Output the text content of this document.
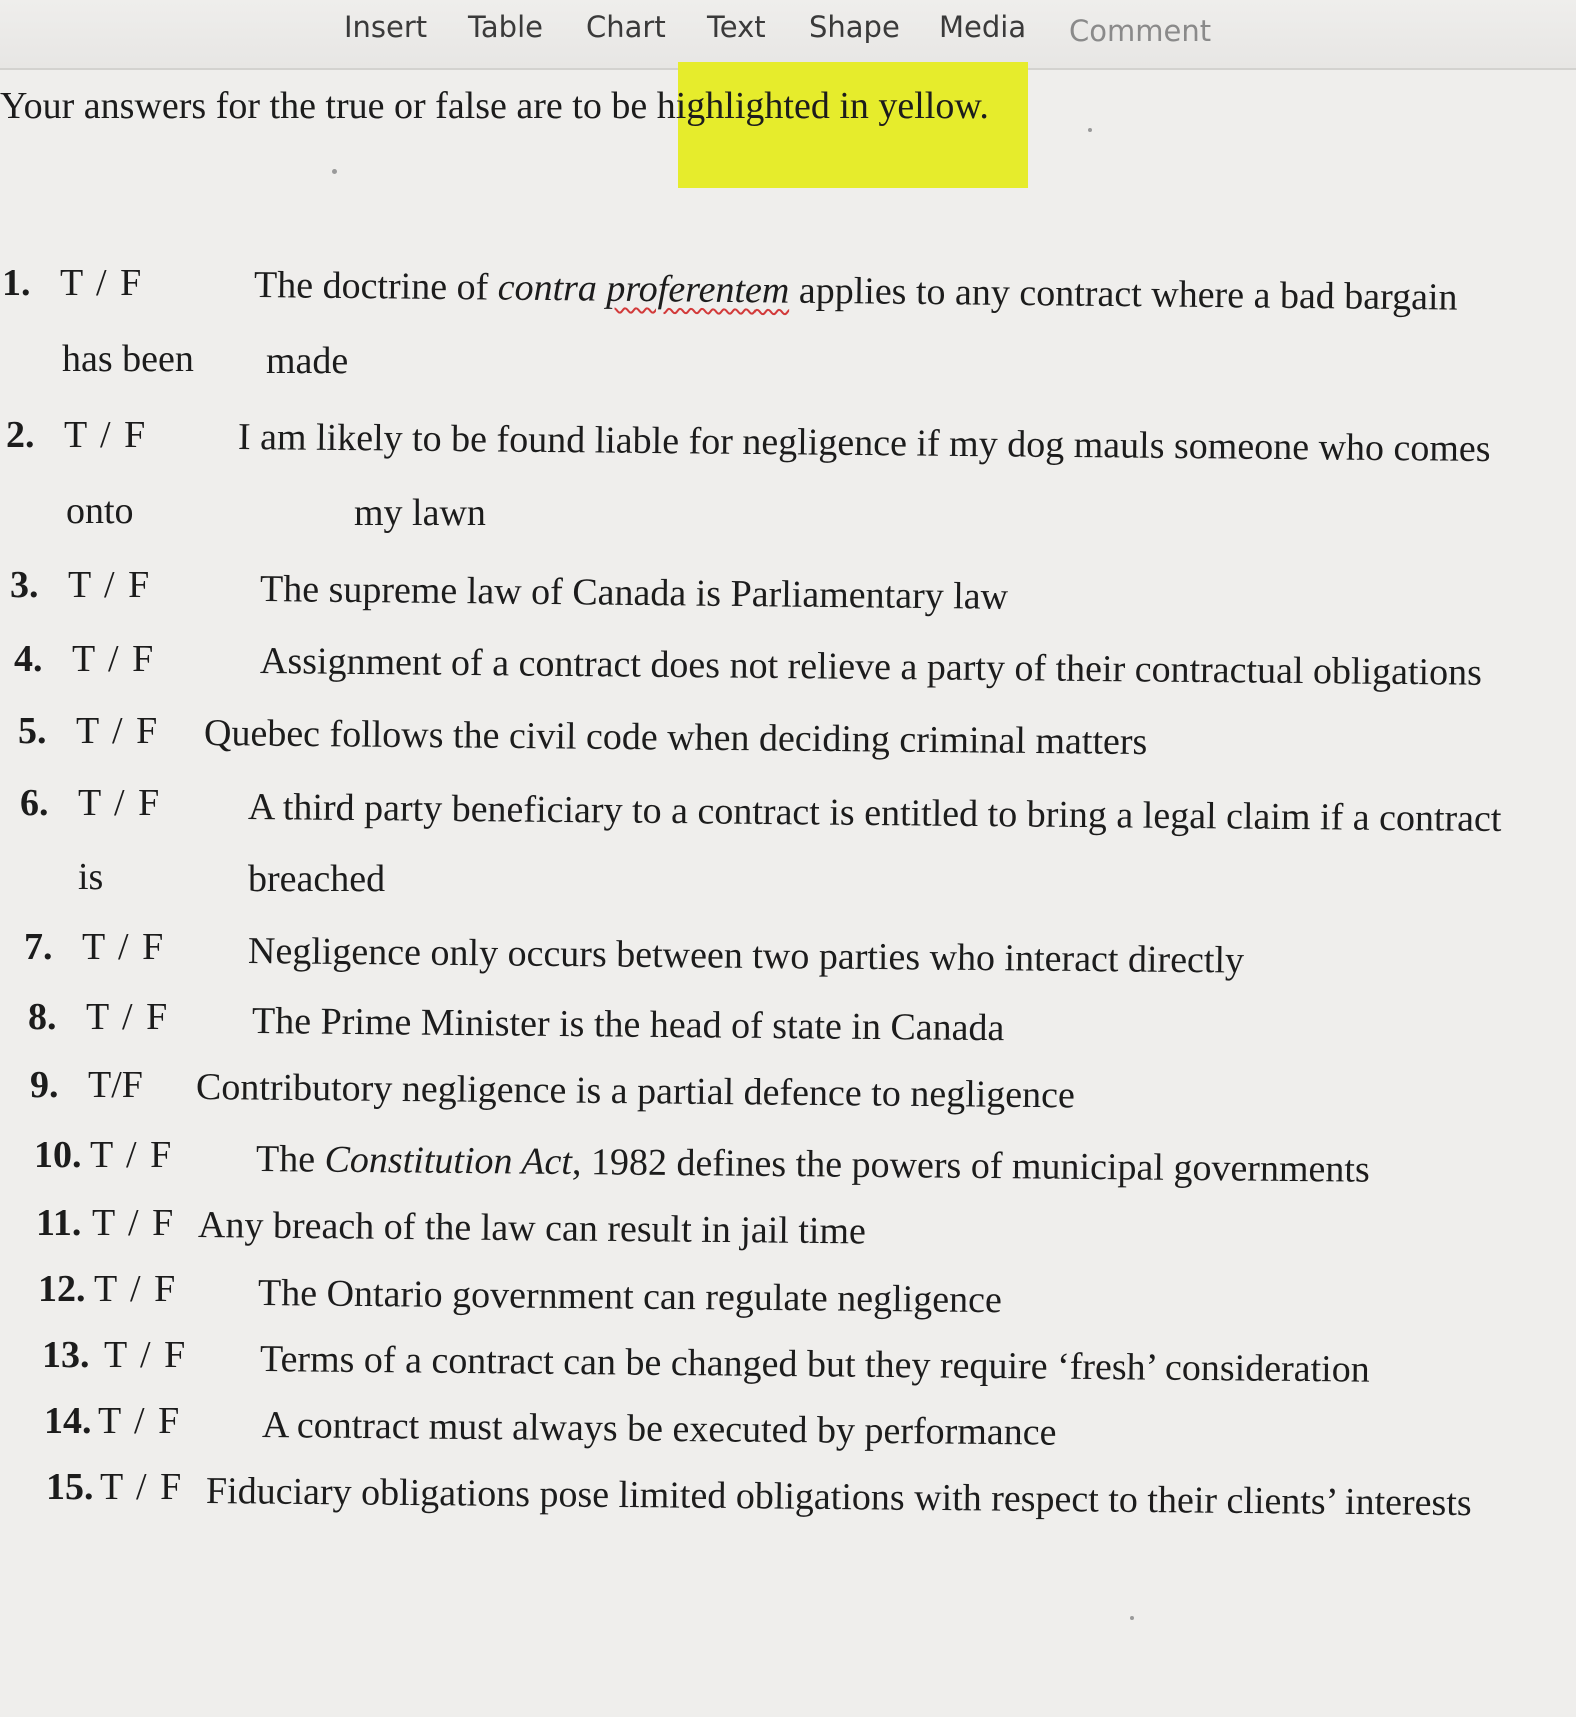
Insert Table Chart Text Shape Media Comment
Your answers for the true or false are to be highlighted in yellow.
1. T / F	The doctrine of contra proferentem applies to any contract where a bad bargain
has been made
2. T / F I am likely to be found liable for negligence if my dog mauls someone who comes
onto	my lawn
3. T / F	The supreme law of Canada is Parliamentary law
4. T / F	Assignment of a contract does not relieve a party of their contractual obligations
5. T / F Quebec follows the civil code when deciding criminal matters
6. T / F A third party beneficiary to a contract is entitled to bring a legal claim if a contract
is	breached
7. T / F Negligence only occurs between two parties who interact directly
8. T / F The Prime Minister is the head of state in Canada
9. T/F Contributory negligence is a partial defence to negligence
10. T / F The Constitution Act, 1982 defines the powers of municipal governments
11. T / F Any breach of the law can result in jail time
12. T / F The Ontario government can regulate negligence
13. T / F Terms of a contract can be changed but they require ‘fresh’ consideration
14. T / F A contract must always be executed by performance
15. T / F Fiduciary obligations pose limited obligations with respect to their clients’ interests
